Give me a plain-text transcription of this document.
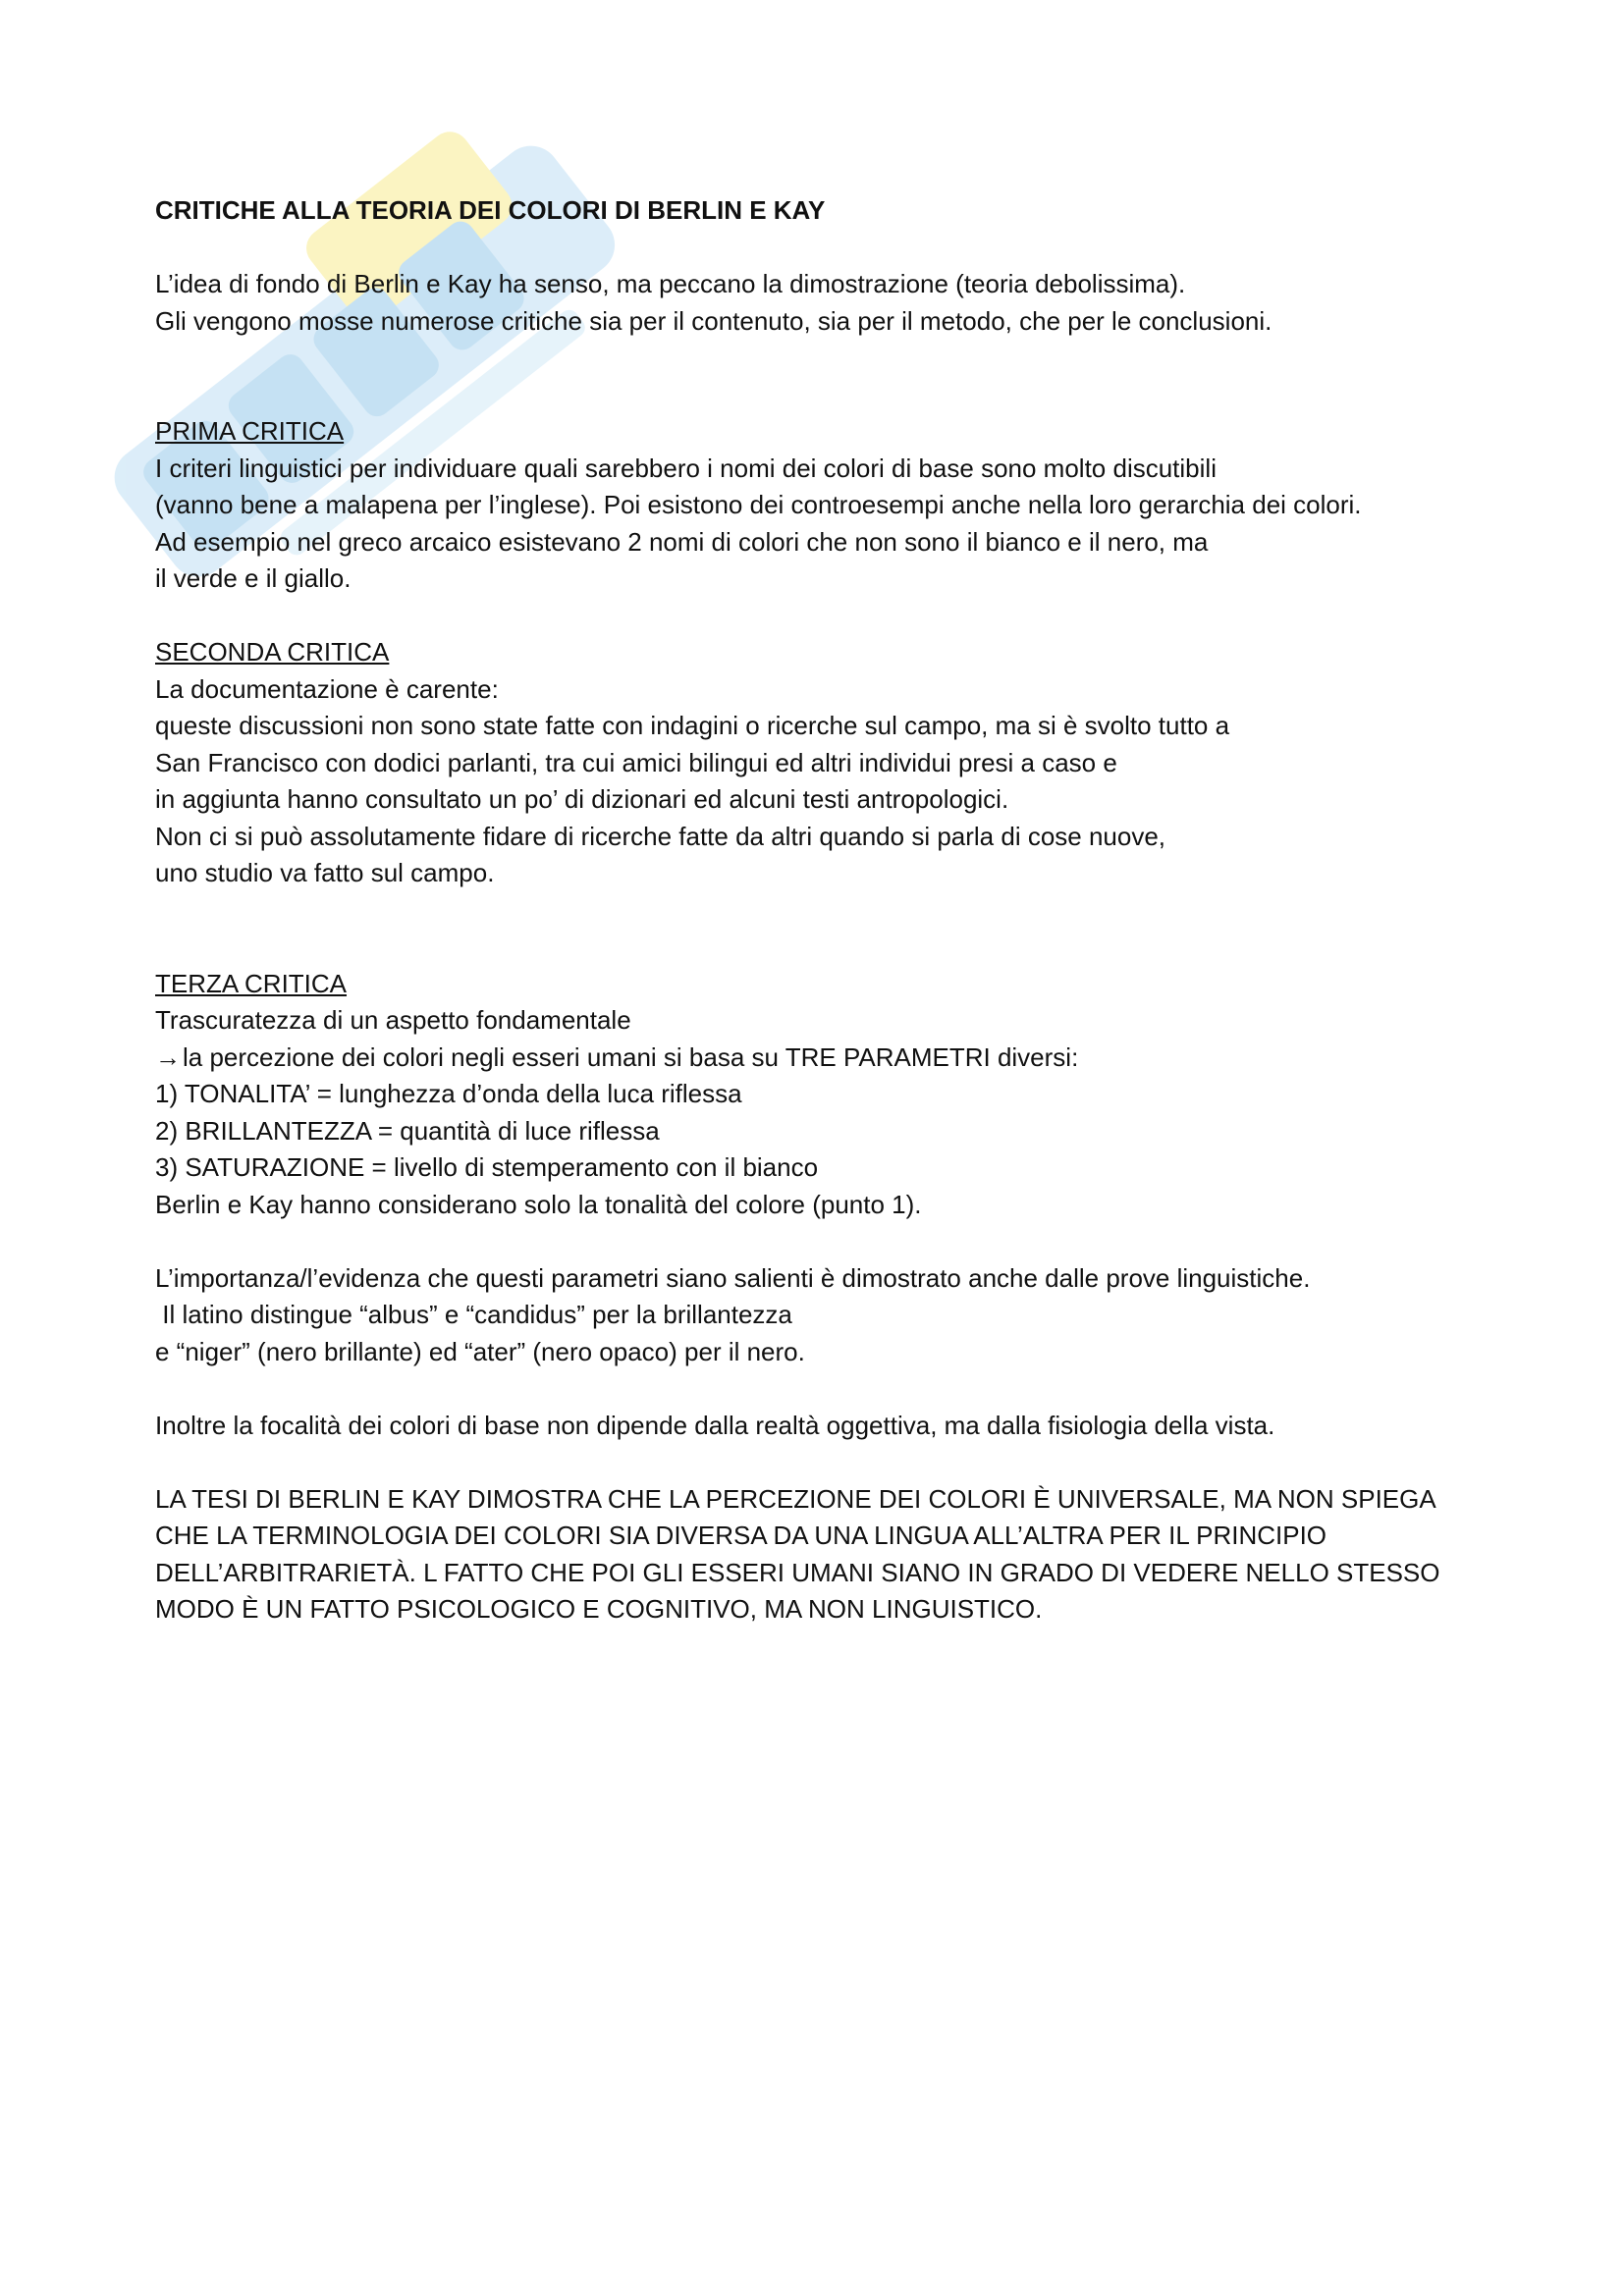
CRITICHE ALLA TEORIA DEI COLORI DI BERLIN E KAY
L’idea di fondo di Berlin e Kay ha senso, ma peccano la dimostrazione (teoria debolissima).
Gli vengono mosse numerose critiche sia per il contenuto, sia per il metodo, che per le conclusioni.
PRIMA CRITICA
I criteri linguistici per individuare quali sarebbero i nomi dei colori di base sono molto discutibili
(vanno bene a malapena per l’inglese). Poi esistono dei controesempi anche nella loro gerarchia dei colori.
Ad esempio nel greco arcaico esistevano 2 nomi di colori che non sono il bianco e il nero, ma
il verde e il giallo.
SECONDA CRITICA
La documentazione è carente:
queste discussioni non sono state fatte con indagini o ricerche sul campo, ma si è svolto tutto a
San Francisco con dodici parlanti, tra cui amici bilingui ed altri individui presi a caso e
in aggiunta hanno consultato un po’ di dizionari ed alcuni testi antropologici.
Non ci si può assolutamente fidare di ricerche fatte da altri quando si parla di cose nuove,
uno studio va fatto sul campo.
TERZA CRITICA
Trascuratezza di un aspetto fondamentale
→la percezione dei colori negli esseri umani si basa su TRE PARAMETRI diversi:
1) TONALITA’ = lunghezza d’onda della luca riflessa
2) BRILLANTEZZA = quantità di luce riflessa
3) SATURAZIONE = livello di stemperamento con il bianco
Berlin e Kay hanno considerano solo la tonalità del colore (punto 1).
L’importanza/l’evidenza che questi parametri siano salienti è dimostrato anche dalle prove linguistiche.
Il latino distingue “albus” e “candidus” per la brillantezza
e “niger” (nero brillante) ed “ater” (nero opaco) per il nero.
Inoltre la focalità dei colori di base non dipende dalla realtà oggettiva, ma dalla fisiologia della vista.
LA TESI DI BERLIN E KAY DIMOSTRA CHE LA PERCEZIONE DEI COLORI È UNIVERSALE, MA NON SPIEGA
CHE LA TERMINOLOGIA DEI COLORI SIA DIVERSA DA UNA LINGUA ALL’ALTRA PER IL PRINCIPIO
DELL’ARBITRARIETÀ. L FATTO CHE POI GLI ESSERI UMANI SIANO IN GRADO DI VEDERE NELLO STESSO
MODO È UN FATTO PSICOLOGICO E COGNITIVO, MA NON LINGUISTICO.
